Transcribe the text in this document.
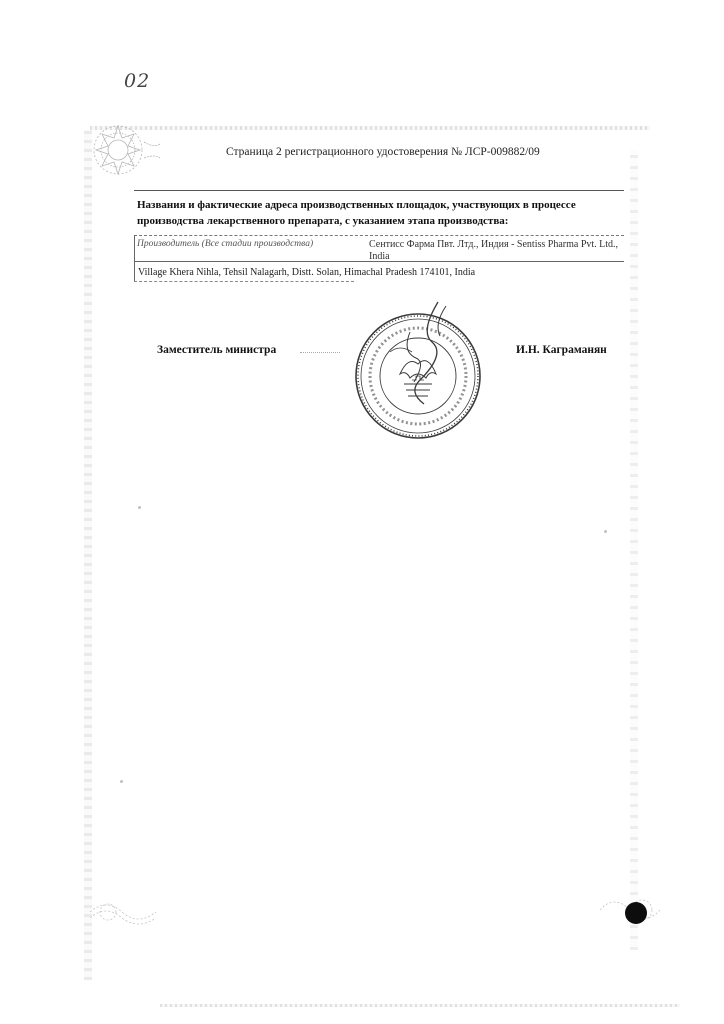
02
Страница 2 регистрационного удостоверения № ЛСР-009882/09
Названия и фактические адреса производственных площадок, участвующих в процессе производства лекарственного препарата, с указанием этапа производства:
Производитель (Все стадии производства)	Сентисс Фарма Пвт. Лтд., Индия - Sentiss Pharma Pvt. Ltd., India
Village Khera Nihla, Tehsil Nalagarh, Distt. Solan, Himachal Pradesh 174101, India
Заместитель министра	И.Н. Каграманян
